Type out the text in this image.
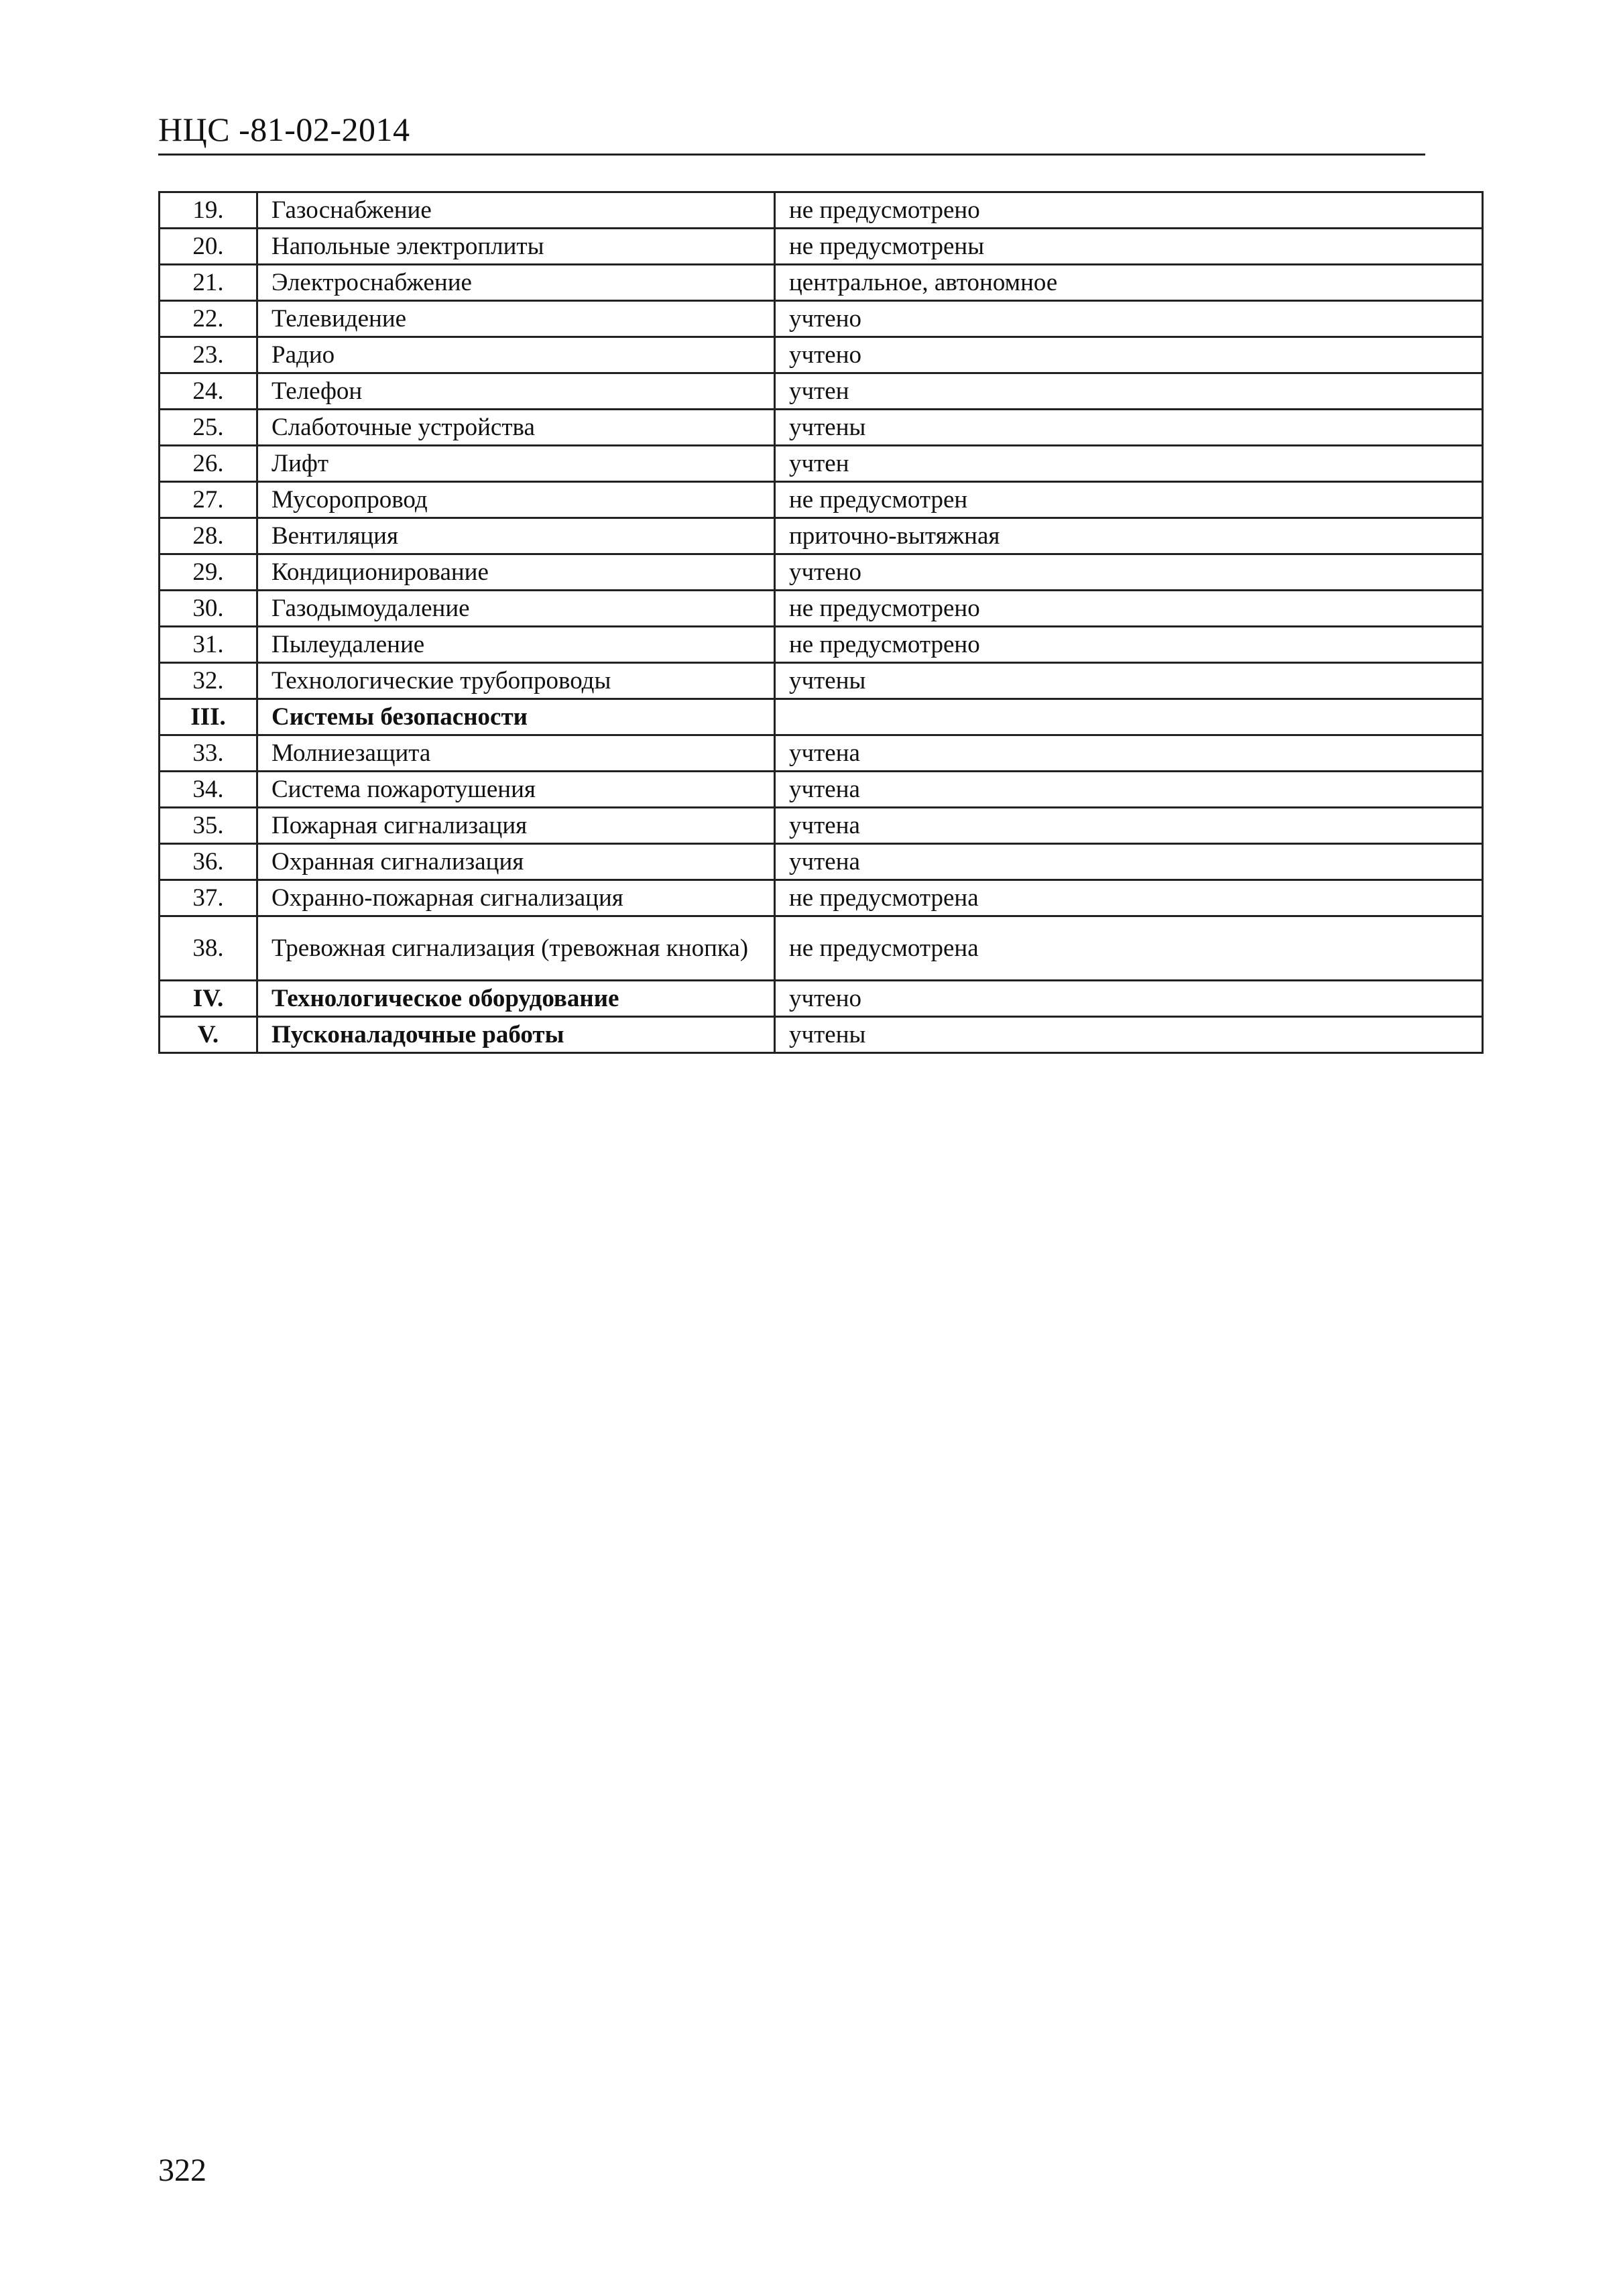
НЦС -81-02-2014
19.	Газоснабжение	не предусмотрено
20.	Напольные электроплиты	не предусмотрены
21.	Электроснабжение	центральное, автономное
22.	Телевидение	учтено
23.	Радио	учтено
24.	Телефон	учтен
25.	Слаботочные устройства	учтены
26.	Лифт	учтен
27.	Мусоропровод	не предусмотрен
28.	Вентиляция	приточно-вытяжная
29.	Кондиционирование	учтено
30.	Газодымоудаление	не предусмотрено
31.	Пылеудаление	не предусмотрено
32.	Технологические трубопроводы	учтены
III.	Системы безопасности	
33.	Молниезащита	учтена
34.	Система пожаротушения	учтена
35.	Пожарная сигнализация	учтена
36.	Охранная сигнализация	учтена
37.	Охранно-пожарная сигнализация	не предусмотрена
38.	Тревожная сигнализация (тревожная кнопка)	не предусмотрена
IV.	Технологическое оборудование	учтено
V.	Пусконаладочные работы	учтены
322
